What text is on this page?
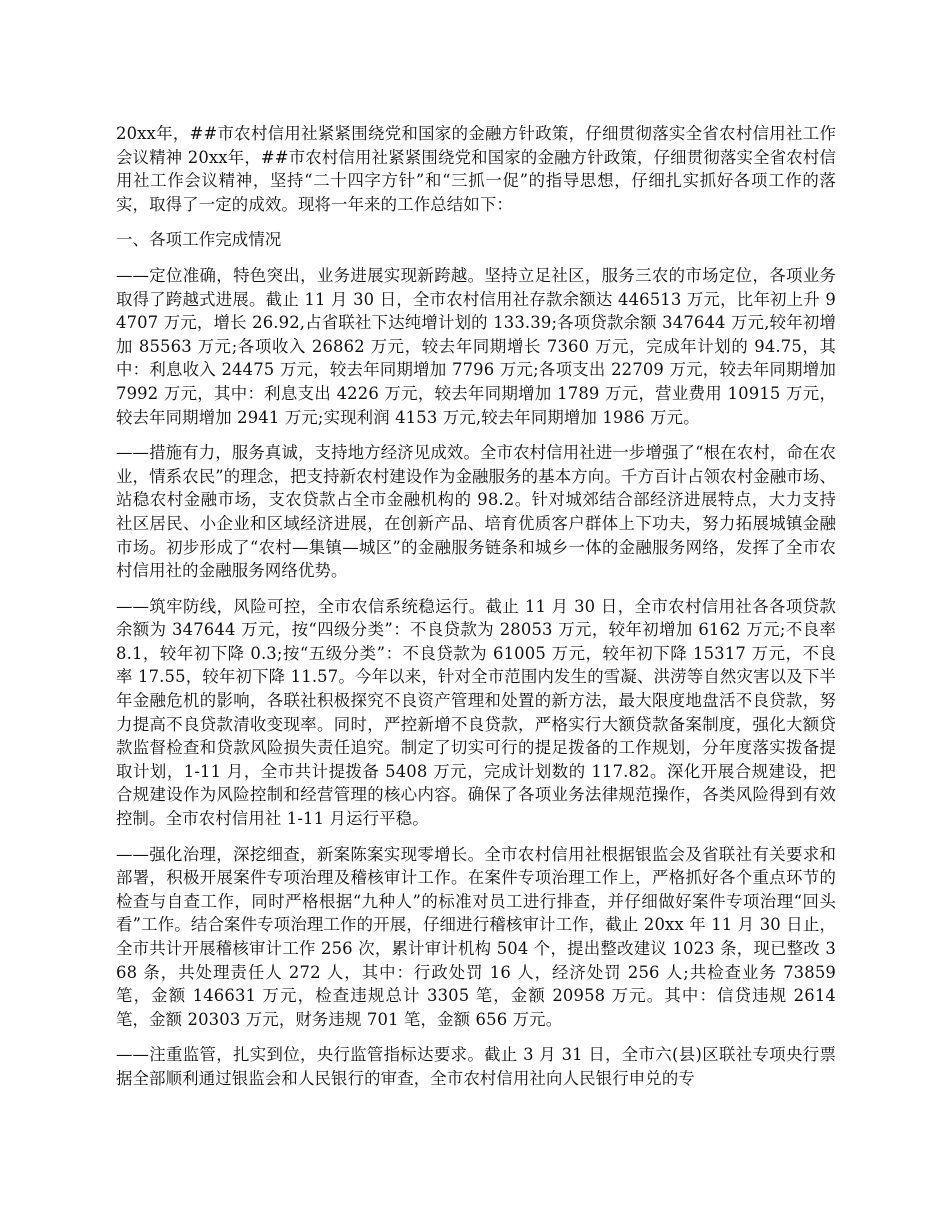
20xx年，##市农村信用社紧紧围绕党和国家的金融方针政策，仔细贯彻落实全省农村信用社工作会议精神 20xx年，##市农村信用社紧紧围绕党和国家的金融方针政策，仔细贯彻落实全省农村信用社工作会议精神，坚持“二十四字方针”和“三抓一促”的指导思想，仔细扎实抓好各项工作的落实，取得了一定的成效。现将一年来的工作总结如下：

一、各项工作完成情况

——定位准确，特色突出，业务进展实现新跨越。坚持立足社区，服务三农的市场定位，各项业务取得了跨越式进展。截止 11 月 30 日，全市农村信用社存款余额达 446513 万元，比年初上升 94707 万元，增长 26.92,占省联社下达纯增计划的 133.39;各项贷款余额 347644 万元,较年初增加 85563 万元;各项收入 26862 万元，较去年同期增长 7360 万元，完成年计划的 94.75，其中：利息收入 24475 万元，较去年同期增加 7796 万元;各项支出 22709 万元，较去年同期增加 7992 万元，其中：利息支出 4226 万元，较去年同期增加 1789 万元，营业费用 10915 万元，较去年同期增加 2941 万元;实现利润 4153 万元,较去年同期增加 1986 万元。

——措施有力，服务真诚，支持地方经济见成效。全市农村信用社进一步增强了“根在农村，命在农业，情系农民”的理念，把支持新农村建设作为金融服务的基本方向。千方百计占领农村金融市场、站稳农村金融市场，支农贷款占全市金融机构的 98.2。针对城郊结合部经济进展特点，大力支持社区居民、小企业和区域经济进展，在创新产品、培育优质客户群体上下功夫，努力拓展城镇金融市场。初步形成了“农村—集镇—城区”的金融服务链条和城乡一体的金融服务网络，发挥了全市农村信用社的金融服务网络优势。

——筑牢防线，风险可控，全市农信系统稳运行。截止 11 月 30 日，全市农村信用社各各项贷款余额为 347644 万元，按“四级分类”：不良贷款为 28053 万元，较年初增加 6162 万元;不良率 8.1，较年初下降 0.3;按“五级分类”：不良贷款为 61005 万元，较年初下降 15317 万元，不良率 17.55，较年初下降 11.57。今年以来，针对全市范围内发生的雪凝、洪涝等自然灾害以及下半年金融危机的影响，各联社积极探究不良资产管理和处置的新方法，最大限度地盘活不良贷款，努力提高不良贷款清收变现率。同时，严控新增不良贷款，严格实行大额贷款备案制度，强化大额贷款监督检查和贷款风险损失责任追究。制定了切实可行的提足拨备的工作规划，分年度落实拨备提取计划，1-11 月，全市共计提拨备 5408 万元，完成计划数的 117.82。深化开展合规建设，把合规建设作为风险控制和经营管理的核心内容。确保了各项业务法律规范操作，各类风险得到有效控制。全市农村信用社 1-11 月运行平稳。

——强化治理，深挖细查，新案陈案实现零增长。全市农村信用社根据银监会及省联社有关要求和部署，积极开展案件专项治理及稽核审计工作。在案件专项治理工作上，严格抓好各个重点环节的检查与自查工作，同时严格根据“九种人”的标准对员工进行排查，并仔细做好案件专项治理“回头看”工作。结合案件专项治理工作的开展，仔细进行稽核审计工作，截止 20xx 年 11 月 30 日止，全市共计开展稽核审计工作 256 次，累计审计机构 504 个，提出整改建议 1023 条，现已整改 368 条，共处理责任人 272 人，其中：行政处罚 16 人，经济处罚 256 人;共检查业务 73859 笔，金额 146631 万元，检查违规总计 3305 笔，金额 20958 万元。其中：信贷违规 2614 笔，金额 20303 万元，财务违规 701 笔，金额 656 万元。

——注重监管，扎实到位，央行监管指标达要求。截止 3 月 31 日，全市六(县)区联社专项央行票据全部顺利通过银监会和人民银行的审查，全市农村信用社向人民银行申兑的专
